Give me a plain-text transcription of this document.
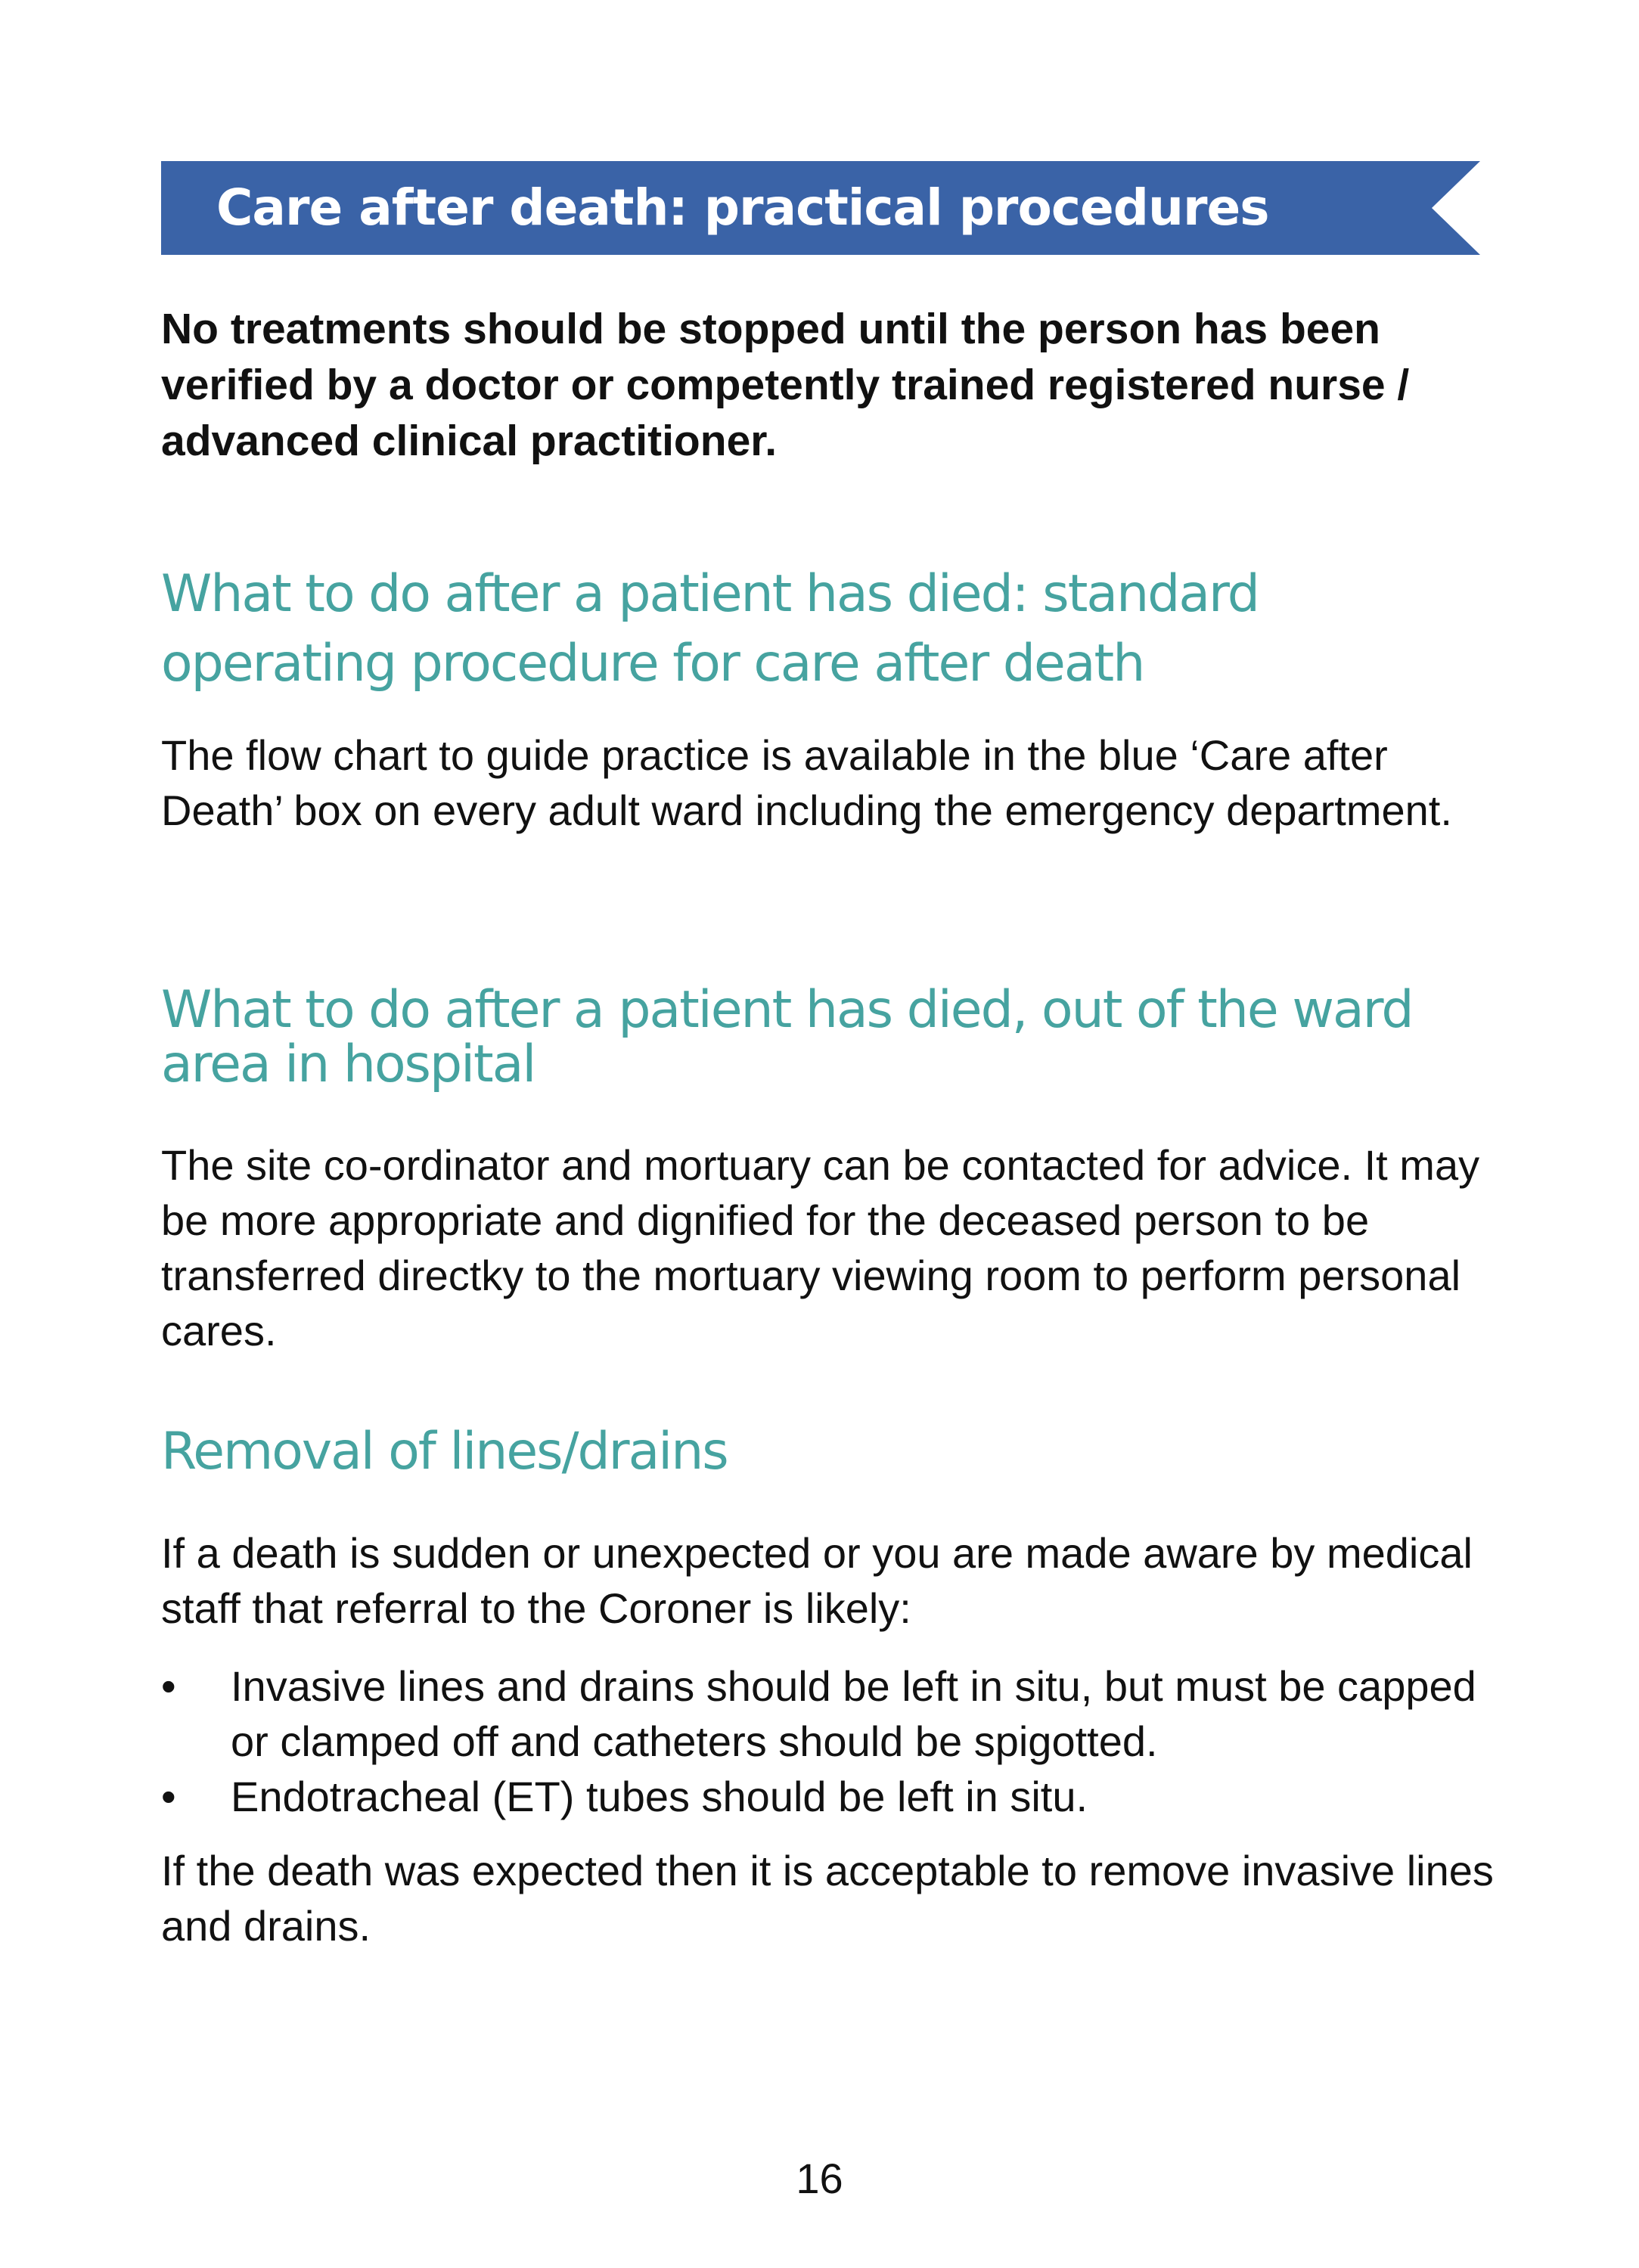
Care after death: practical procedures

No treatments should be stopped until the person has been verified by a doctor or competently trained registered nurse / advanced clinical practitioner.

What to do after a patient has died: standard operating procedure for care after death

The flow chart to guide practice is available in the blue ‘Care after Death’ box on every adult ward including the emergency department.

What to do after a patient has died, out of the ward area in hospital

The site co-ordinator and mortuary can be contacted for advice. It may be more appropriate and dignified for the deceased person to be transferred directky to the mortuary viewing room to perform personal cares.

Removal of lines/drains

If a death is sudden or unexpected or you are made aware by medical staff that referral to the Coroner is likely:

• Invasive lines and drains should be left in situ, but must be capped or clamped off and catheters should be spigotted.
• Endotracheal (ET) tubes should be left in situ.

If the death was expected then it is acceptable to remove invasive lines and drains.

16
